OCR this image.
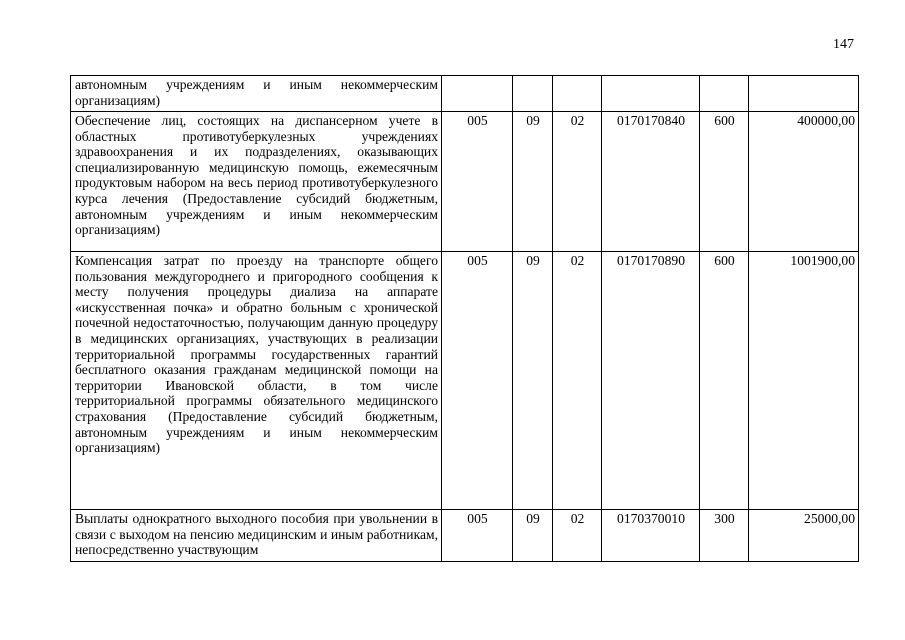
147
автономным учреждениям и иным некоммерческим организациям)						
Обеспечение лиц, состоящих на диспансерном учете в областных противотуберкулезных учреждениях здравоохранения и их подразделениях, оказывающих специализированную медицинскую помощь, ежемесячным продуктовым набором на весь период противотуберкулезного курса лечения (Предоставление субсидий бюджетным, автономным учреждениям и иным некоммерческим организациям)	005	09	02	0170170840	600	400000,00
Компенсация затрат по проезду на транспорте общего пользования междугороднего и пригородного сообщения к месту получения процедуры диализа на аппарате «искусственная почка» и обратно больным с хронической почечной недостаточностью, получающим данную процедуру в медицинских организациях, участвующих в реализации территориальной программы государственных гарантий бесплатного оказания гражданам медицинской помощи на территории Ивановской области, в том числе территориальной программы обязательного медицинского страхования (Предоставление субсидий бюджетным, автономным учреждениям и иным некоммерческим организациям)	005	09	02	0170170890	600	1001900,00
Выплаты однократного выходного пособия при увольнении в связи с выходом на пенсию медицинским и иным работникам, непосредственно участвующим	005	09	02	0170370010	300	25000,00
